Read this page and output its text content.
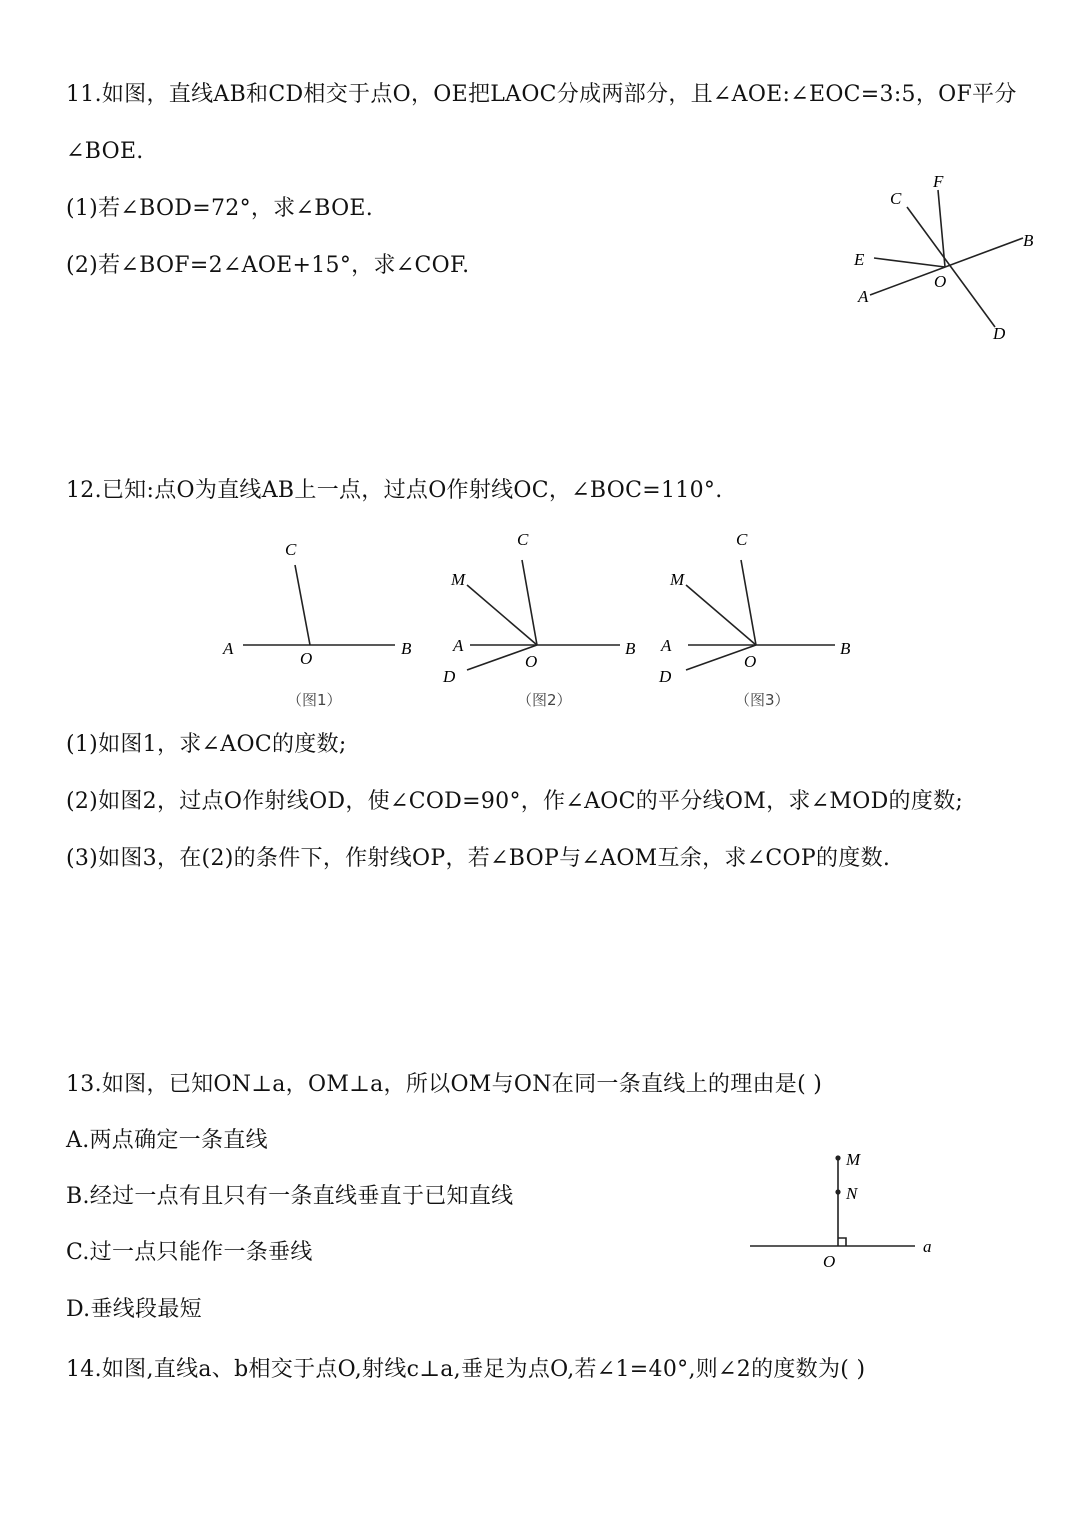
11.如图，直线AB和CD相交于点O，OE把LAOC分成两部分，且∠AOE:∠EOC=3:5，OF平分
∠BOE.
(1)若∠BOD=72°，求∠BOE.
(2)若∠BOF=2∠AOE+15°，求∠COF.
C
F
E
A
O
B
D
12.已知:点O为直线AB上一点，过点O作射线OC，∠BOC=110°.
C
A
O
B
（图1）
C
M
A
D
O
B
（图2）
C
M
A
D
O
B
（图3）
(1)如图1，求∠AOC的度数;
(2)如图2，过点O作射线OD，使∠COD=90°，作∠AOC的平分线OM，求∠MOD的度数;
(3)如图3，在(2)的条件下，作射线OP，若∠BOP与∠AOM互余，求∠COP的度数.
13.如图，已知ON⊥a，OM⊥a，所以OM与ON在同一条直线上的理由是( )
A.两点确定一条直线
B.经过一点有且只有一条直线垂直于已知直线
C.过一点只能作一条垂线
D.垂线段最短
M
N
O
a
14.如图,直线a、b相交于点O,射线c⊥a,垂足为点O,若∠1=40°,则∠2的度数为( )
